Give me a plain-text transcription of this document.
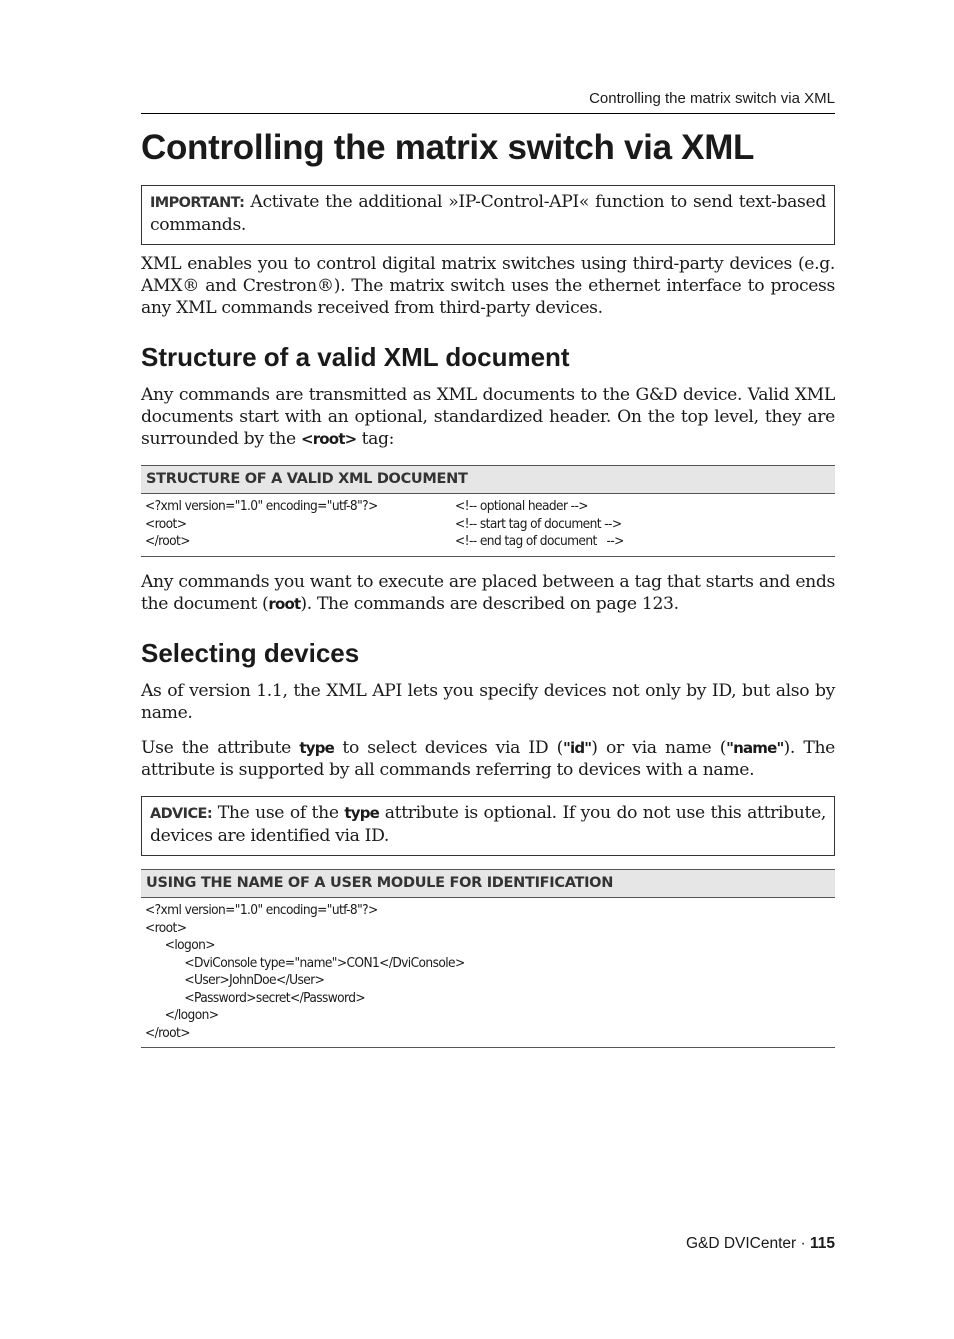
Controlling the matrix switch via XML
Controlling the matrix switch via XML
IMPORTANT: Activate the additional »IP-Control-API« function to send text-based commands.

XML enables you to control digital matrix switches using third-party devices (e.g. AMX® and Crestron®). The matrix switch uses the ethernet interface to process any XML commands received from third-party devices.

Structure of a valid XML document

Any commands are transmitted as XML documents to the G&D device. Valid XML documents start with an optional, standardized header. On the top level, they are surrounded by the <root> tag:

STRUCTURE OF A VALID XML DOCUMENT
<?xml version="1.0" encoding="utf-8"?>
<root>
</root>
<!-- optional header -->
<!-- start tag of document -->
<!-- end tag of document   -->

Any commands you want to execute are placed between a tag that starts and ends the document (root). The commands are described on page 123.

Selecting devices

As of version 1.1, the XML API lets you specify devices not only by ID, but also by name.

Use the attribute type to select devices via ID ("id") or via name ("name"). The attribute is supported by all commands referring to devices with a name.

ADVICE: The use of the type attribute is optional. If you do not use this attribute, devices are identified via ID.
USING THE NAME OF A USER MODULE FOR IDENTIFICATION
<?xml version="1.0" encoding="utf-8"?>
<root>
<logon>
<DviConsole type="name">CON1</DviConsole>
<User>JohnDoe</User>
<Password>secret</Password>
</logon>
</root>
G&D DVICenter · 115
